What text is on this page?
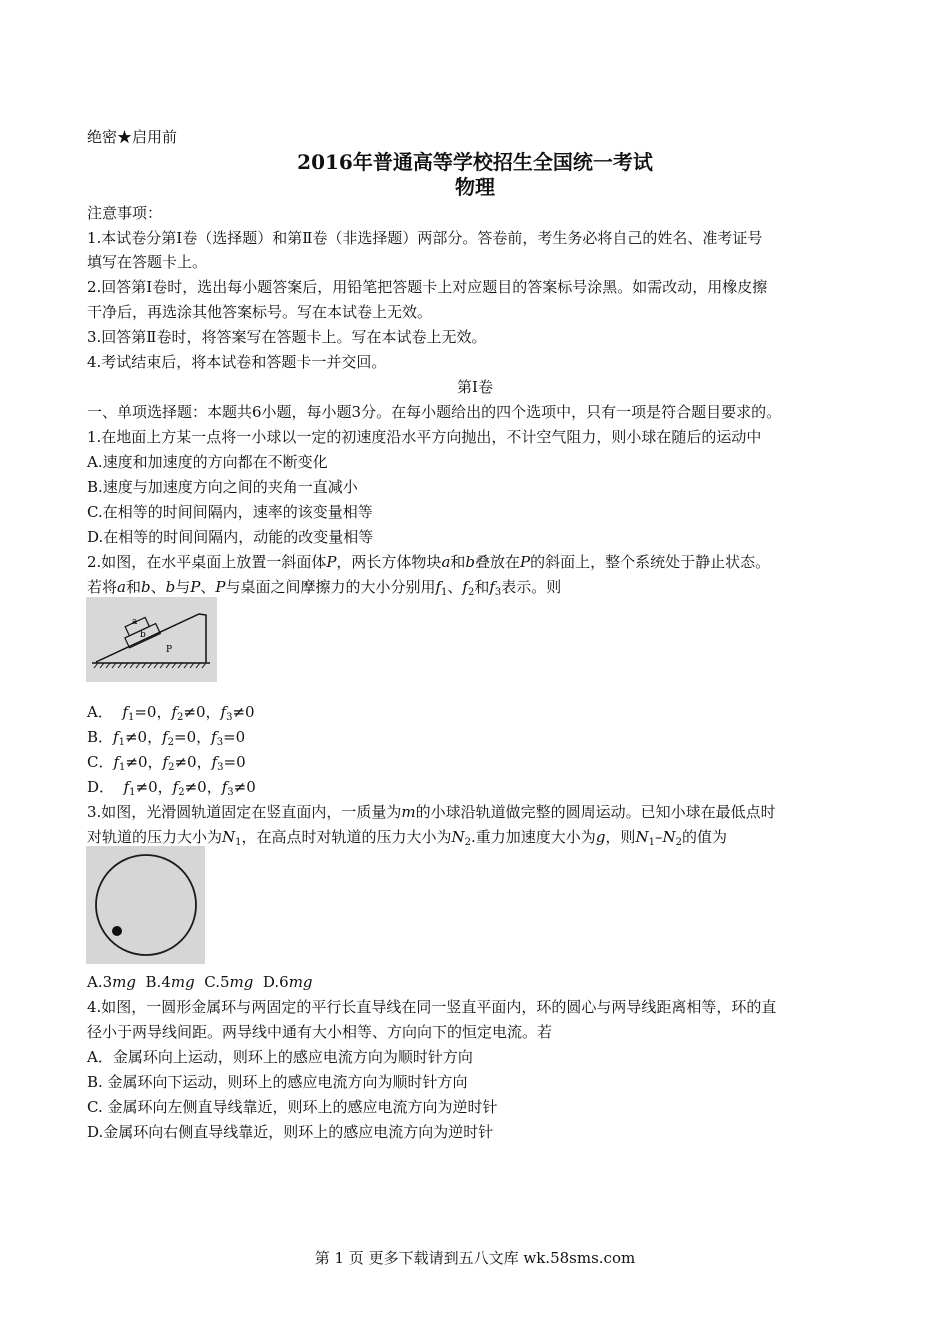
绝密★启用前
2016年普通高等学校招生全国统一考试
物理
注意事项：
1.本试卷分第Ⅰ卷（选择题）和第Ⅱ卷（非选择题）两部分。答卷前，考生务必将自己的姓名、准考证号
填写在答题卡上。
2.回答第Ⅰ卷时，选出每小题答案后，用铅笔把答题卡上对应题目的答案标号涂黑。如需改动，用橡皮擦
干净后，再选涂其他答案标号。写在本试卷上无效。
3.回答第Ⅱ卷时，将答案写在答题卡上。写在本试卷上无效。
4.考试结束后，将本试卷和答题卡一并交回。
第Ⅰ卷
一、单项选择题：本题共6小题，每小题3分。在每小题给出的四个选项中，只有一项是符合题目要求的。
1.在地面上方某一点将一小球以一定的初速度沿水平方向抛出，不计空气阻力，则小球在随后的运动中
A.速度和加速度的方向都在不断变化
B.速度与加速度方向之间的夹角一直减小
C.在相等的时间间隔内，速率的该变量相等
D.在相等的时间间隔内，动能的改变量相等
2.如图，在水平桌面上放置一斜面体P，两长方体物块a和b叠放在P的斜面上，整个系统处于静止状态。
若将a和b、b与P、P与桌面之间摩擦力的大小分别用$f_1$、$f_2$和$f_3$表示。则
a
b
P
A． $f_1=0$，$f_2\ne 0$，$f_3\ne 0$
B．$f_1\ne 0$，$f_2=0$，$f_3=0$
C．$f_1\ne 0$，$f_2\ne 0$，$f_3=0$
D． $f_1\ne 0$，$f_2\ne 0$，$f_3\ne 0$
3.如图，光滑圆轨道固定在竖直面内，一质量为m的小球沿轨道做完整的圆周运动。已知小球在最低点时
对轨道的压力大小为$N_1$，在高点时对轨道的压力大小为$N_2$.重力加速度大小为g，则$N_1-N_2$的值为
A.3mg B.4mg C.5mg D.6mg
4.如图，一圆形金属环与两固定的平行长直导线在同一竖直平面内，环的圆心与两导线距离相等，环的直
径小于两导线间距。两导线中通有大小相等、方向向下的恒定电流。若
A．金属环向上运动，则环上的感应电流方向为顺时针方向
B. 金属环向下运动，则环上的感应电流方向为顺时针方向
C. 金属环向左侧直导线靠近，则环上的感应电流方向为逆时针
D.金属环向右侧直导线靠近，则环上的感应电流方向为逆时针
第 1 页 更多下载请到五八文库 wk.58sms.com
